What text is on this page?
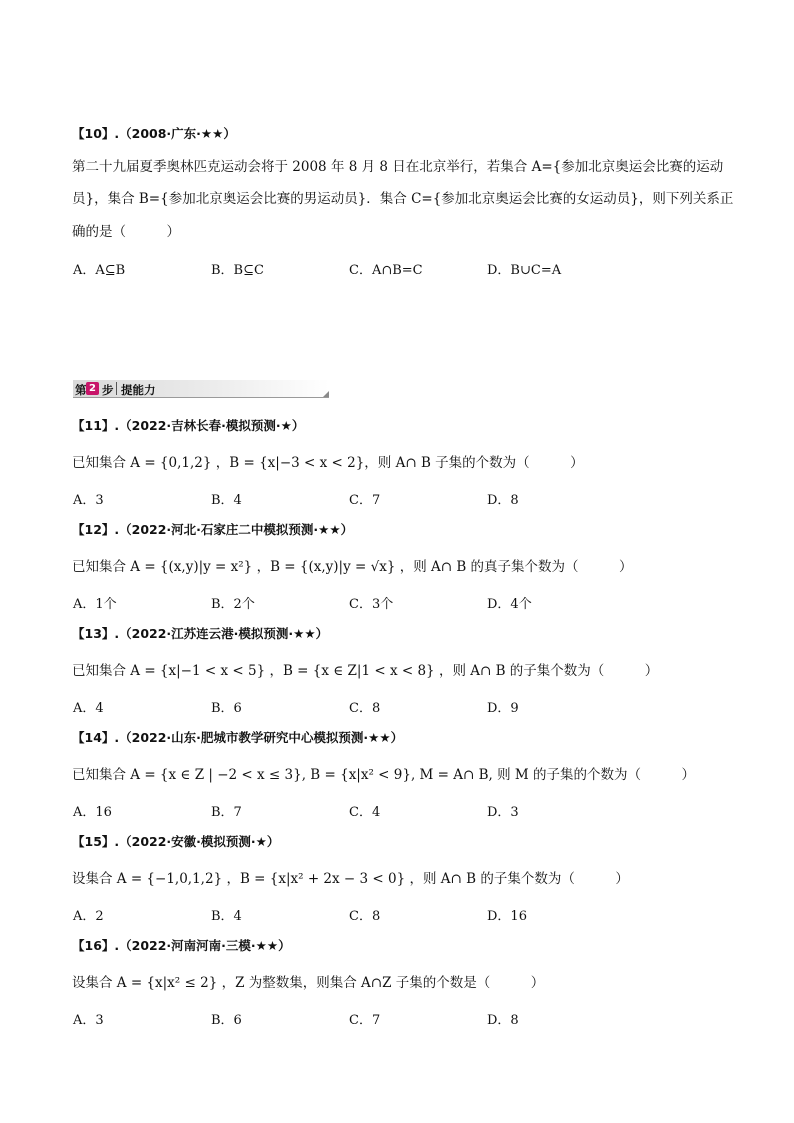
【10】.（2008·广东·★★）
第二十九届夏季奥林匹克运动会将于 2008 年 8 月 8 日在北京举行，若集合 A={参加北京奥运会比赛的运动
员}，集合 B={参加北京奥运会比赛的男运动员}．集合 C={参加北京奥运会比赛的女运动员}，则下列关系正
确的是（　　　）
A．A⊆B	B．B⊆C	C．A∩B=C	D．B∪C=A
第 2 步 提能力
【11】.（2022·吉林长春·模拟预测·★）
已知集合 A = {0,1,2} ，B = {x|−3 < x < 2}，则 A∩ B 子集的个数为（　　　）
A．3	B．4	C．7	D．8
【12】.（2022·河北·石家庄二中模拟预测·★★）
已知集合 A = {(x,y)|y = x²} ，B = {(x,y)|y = √x} ，则 A∩ B 的真子集个数为（　　　）
A．1个	B．2个	C．3个	D．4个
【13】.（2022·江苏连云港·模拟预测·★★）
已知集合 A = {x|−1 < x < 5} ，B = {x ∈ Z|1 < x < 8} ，则 A∩ B 的子集个数为（　　　）
A．4	B．6	C．8	D．9
【14】.（2022·山东·肥城市教学研究中心模拟预测·★★）
已知集合 A = {x ∈ Z | −2 < x ≤ 3}, B = {x|x² < 9}, M = A∩ B, 则 M 的子集的个数为（　　　）
A．16	B．7	C．4	D．3
【15】.（2022·安徽·模拟预测·★）
设集合 A = {−1,0,1,2} ，B = {x|x² + 2x − 3 < 0} ，则 A∩ B 的子集个数为（　　　）
A．2	B．4	C．8	D．16
【16】.（2022·河南河南·三模·★★）
设集合 A = {x|x² ≤ 2} ，Z 为整数集，则集合 A∩Z 子集的个数是（　　　）
A．3	B．6	C．7	D．8
